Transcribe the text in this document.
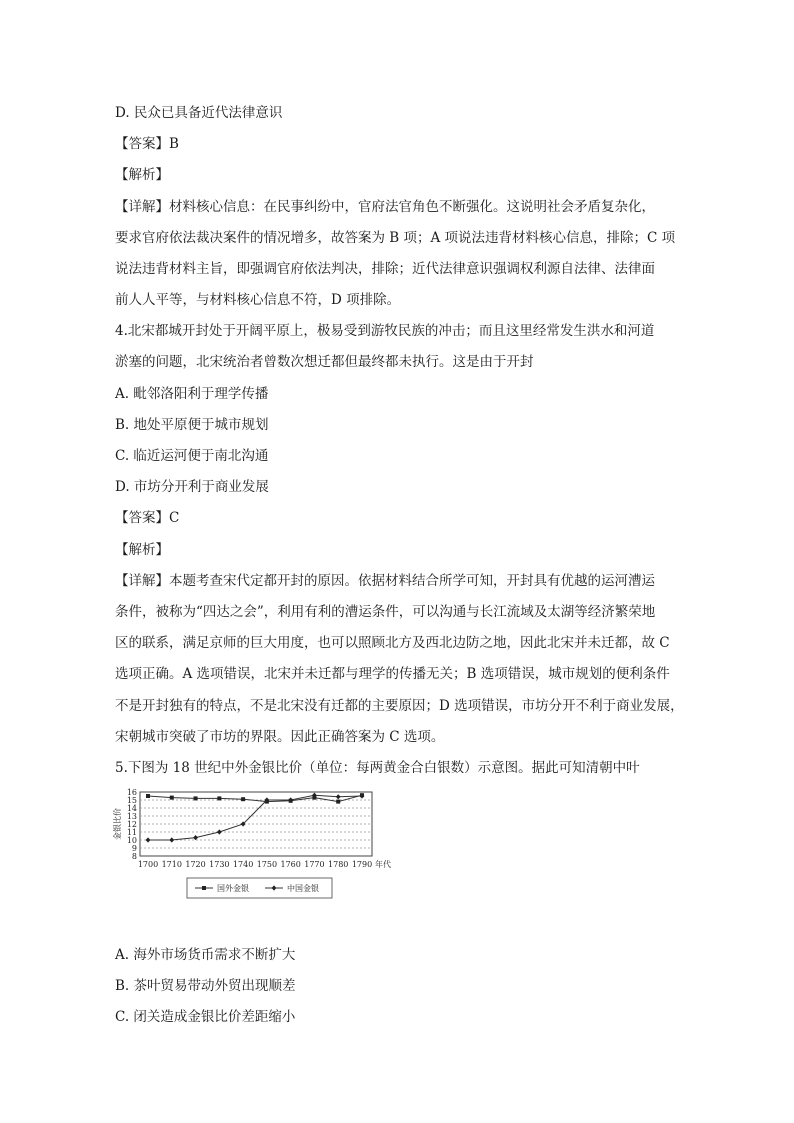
D. 民众已具备近代法律意识
【答案】B
【解析】
【详解】材料核心信息：在民事纠纷中，官府法官角色不断强化。这说明社会矛盾复杂化，
要求官府依法裁决案件的情况增多，故答案为 B 项；A 项说法违背材料核心信息，排除；C 项
说法违背材料主旨，即强调官府依法判决，排除；近代法律意识强调权利源自法律、法律面
前人人平等，与材料核心信息不符，D 项排除。
4.北宋都城开封处于开阔平原上，极易受到游牧民族的冲击；而且这里经常发生洪水和河道
淤塞的问题，北宋统治者曾数次想迁都但最终都未执行。这是由于开封
A. 毗邻洛阳利于理学传播
B. 地处平原便于城市规划
C. 临近运河便于南北沟通
D. 市坊分开利于商业发展
【答案】C
【解析】
【详解】本题考查宋代定都开封的原因。依据材料结合所学可知，开封具有优越的运河漕运
条件，被称为“四达之会”，利用有利的漕运条件，可以沟通与长江流域及太湖等经济繁荣地
区的联系，满足京师的巨大用度，也可以照顾北方及西北边防之地，因此北宋并未迁都，故 C
选项正确。A 选项错误，北宋并未迁都与理学的传播无关；B 选项错误，城市规划的便利条件
不是开封独有的特点，不是北宋没有迁都的主要原因；D 选项错误，市坊分开不利于商业发展，
宋朝城市突破了市坊的界限。因此正确答案为 C 选项。
5.下图为 18 世纪中外金银比价（单位：每两黄金合白银数）示意图。据此可知清朝中叶
8
9
10
11
12
13
14
15
16
1700 1710 1720 1730 1740 1750 1760 1770 1780 1790 年代
金银比价
国外金银	中国金银
A. 海外市场货币需求不断扩大
B. 茶叶贸易带动外贸出现顺差
C. 闭关造成金银比价差距缩小
